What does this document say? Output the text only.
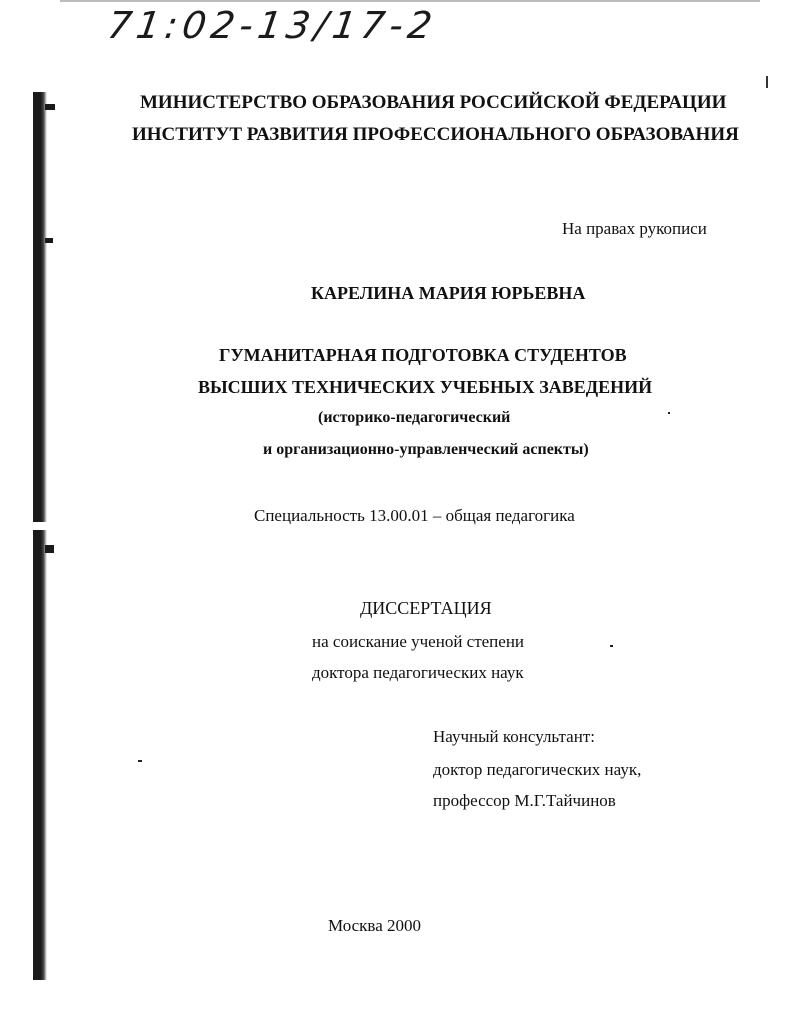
71:02-13/17-2
МИНИСТЕРСТВО ОБРАЗОВАНИЯ РОССИЙСКОЙ ФЕДЕРАЦИИ
ИНСТИТУТ РАЗВИТИЯ ПРОФЕССИОНАЛЬНОГО ОБРАЗОВАНИЯ
На правах рукописи
КАРЕЛИНА МАРИЯ ЮРЬЕВНА
ГУМАНИТАРНАЯ ПОДГОТОВКА СТУДЕНТОВ
ВЫСШИХ ТЕХНИЧЕСКИХ УЧЕБНЫХ ЗАВЕДЕНИЙ
(историко-педагогический
и организационно-управленческий аспекты)
Специальность 13.00.01 – общая педагогика
ДИССЕРТАЦИЯ
на соискание ученой степени
доктора педагогических наук
Научный консультант:
доктор педагогических наук,
профессор М.Г.Тайчинов
Москва 2000
